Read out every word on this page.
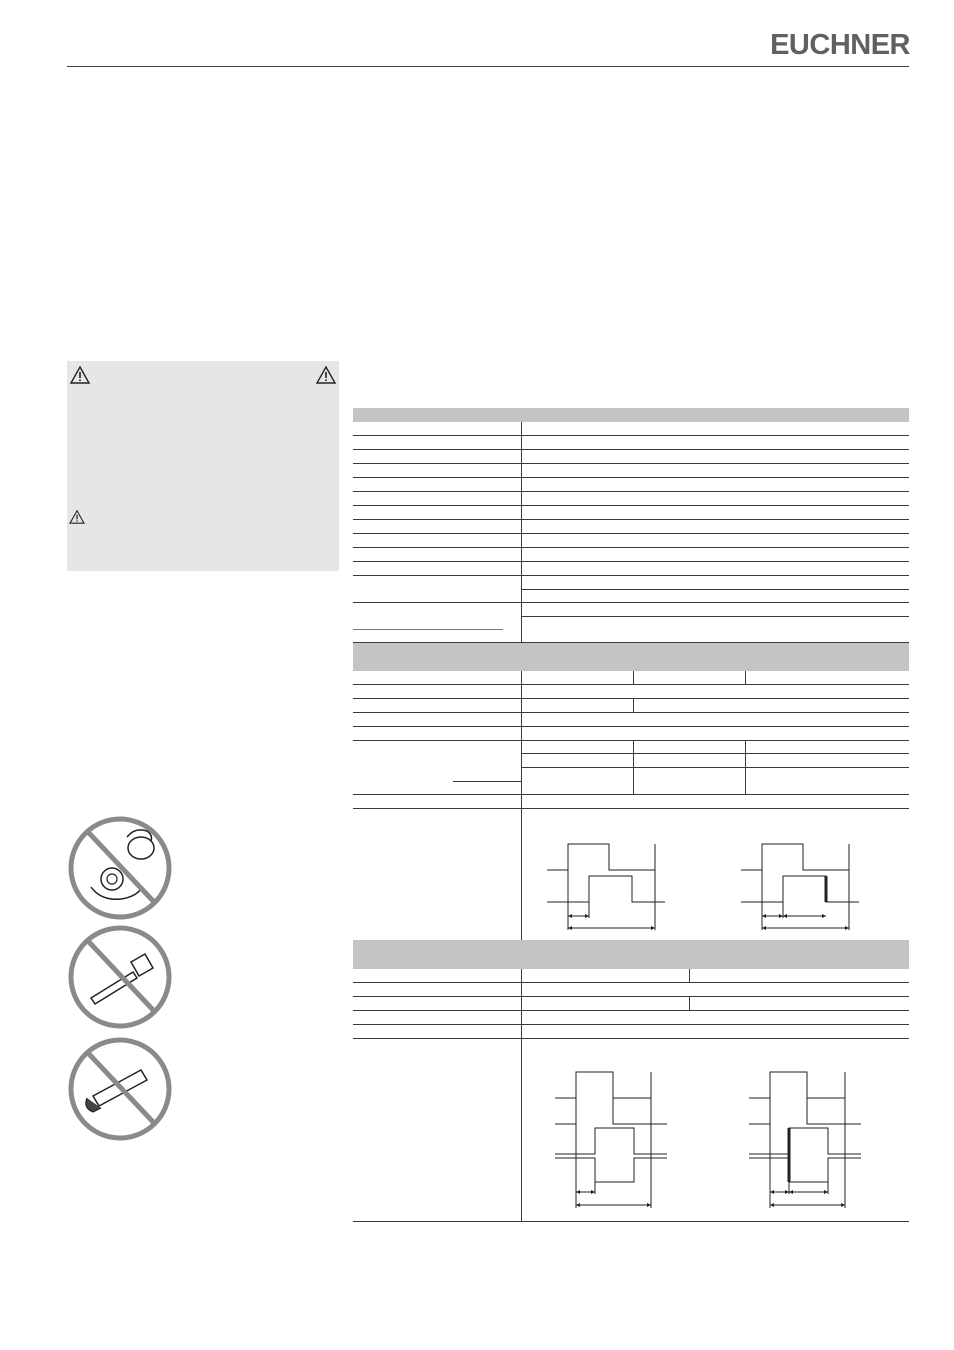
EUCHNER
